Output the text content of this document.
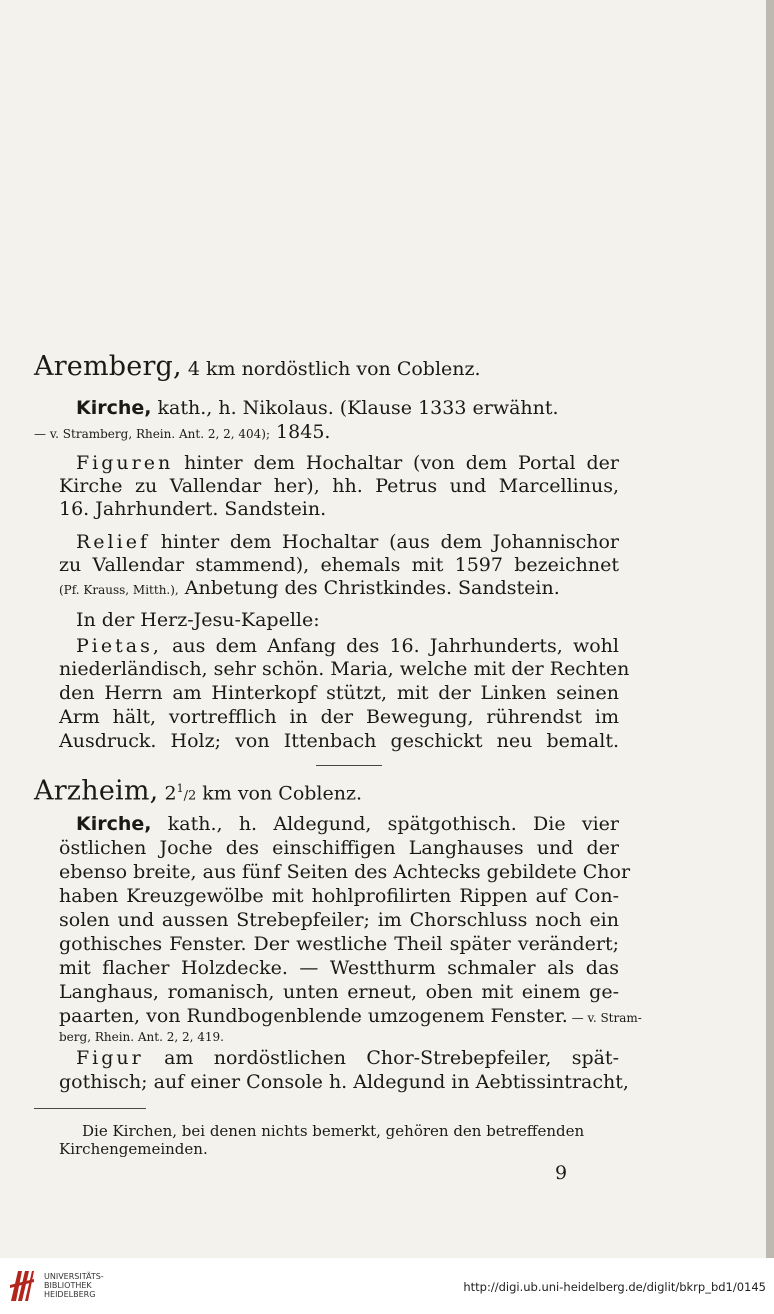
Aremberg, 4 km nordöstlich von Coblenz.
Kirche, kath., h. Nikolaus. (Klause 1333 erwähnt.
— v. Stramberg, Rhein. Ant. 2, 2, 404); 1845.
Figuren hinter dem Hochaltar (von dem Portal der
Kirche zu Vallendar her), hh. Petrus und Marcellinus,
16. Jahrhundert. Sandstein.
Relief hinter dem Hochaltar (aus dem Johannischor
zu Vallendar stammend), ehemals mit 1597 bezeichnet
(Pf. Krauss, Mitth.), Anbetung des Christkindes. Sandstein.
In der Herz-Jesu-Kapelle:
Pietas, aus dem Anfang des 16. Jahrhunderts, wohl
niederländisch, sehr schön. Maria, welche mit der Rechten
den Herrn am Hinterkopf stützt, mit der Linken seinen
Arm hält, vortrefflich in der Bewegung, rührendst im
Ausdruck. Holz; von Ittenbach geschickt neu bemalt.
Arzheim, $2^1/2$ km von Coblenz.
Kirche, kath., h. Aldegund, spätgothisch. Die vier
östlichen Joche des einschiffigen Langhauses und der
ebenso breite, aus fünf Seiten des Achtecks gebildete Chor
haben Kreuzgewölbe mit hohlprofilirten Rippen auf Con-
solen und aussen Strebepfeiler; im Chorschluss noch ein
gothisches Fenster. Der westliche Theil später verändert;
mit flacher Holzdecke. — Westthurm schmaler als das
Langhaus, romanisch, unten erneut, oben mit einem ge-
paarten, von Rundbogenblende umzogenem Fenster. — v. Stram-
berg, Rhein. Ant. 2, 2, 419.
Figur am nordöstlichen Chor-Strebepfeiler, spät-
gothisch; auf einer Console h. Aldegund in Aebtissintracht,
Die Kirchen, bei denen nichts bemerkt, gehören den betreffenden
Kirchengemeinden.
9
UNIVERSITÄTS-
BIBLIOTHEK
HEIDELBERG
http://digi.ub.uni-heidelberg.de/diglit/bkrp_bd1/0145
